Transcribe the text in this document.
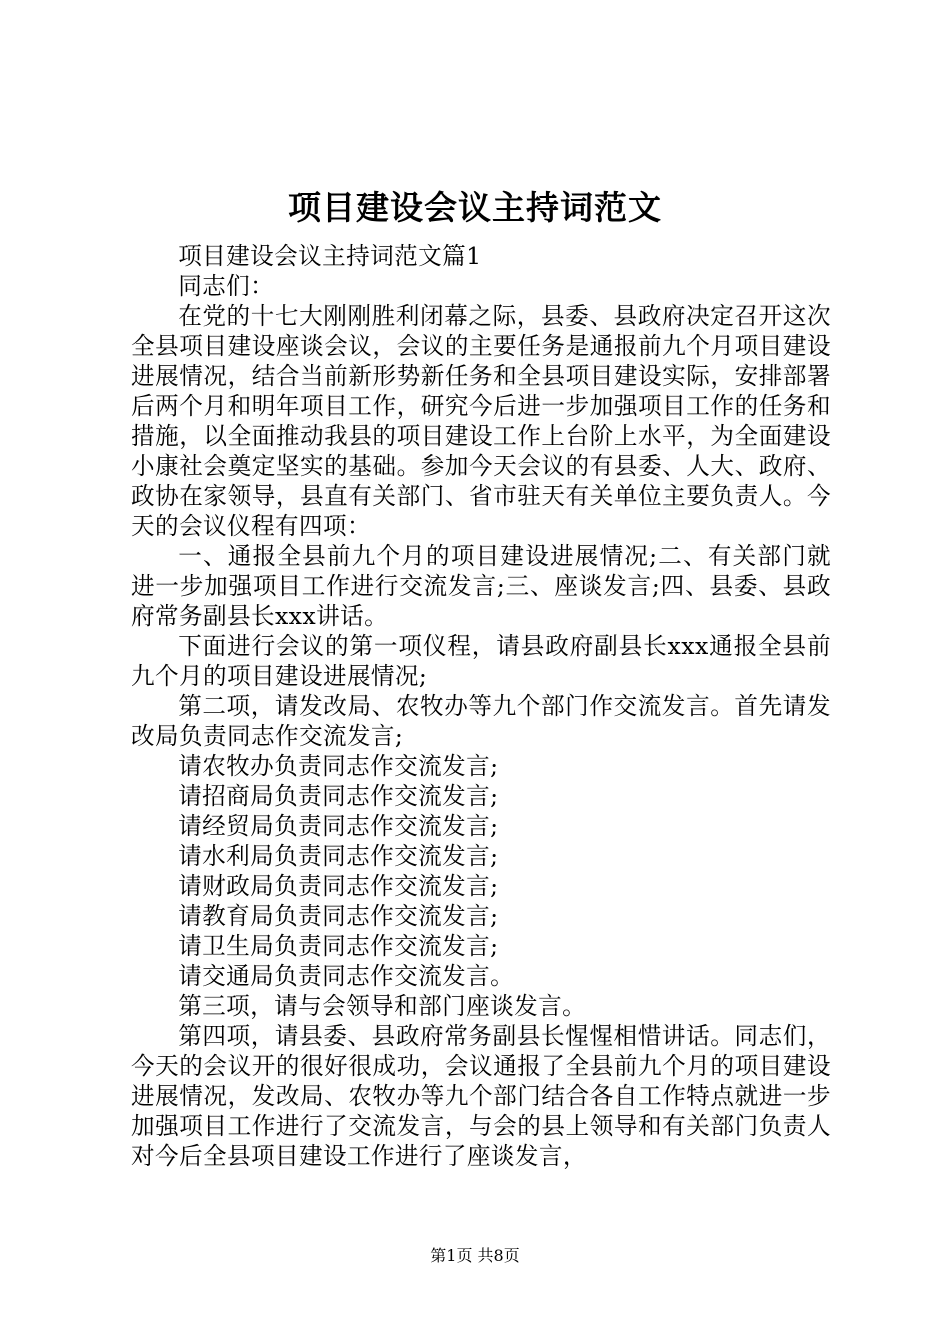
项目建设会议主持词范文

项目建设会议主持词范文篇1

同志们：

在党的十七大刚刚胜利闭幕之际，县委、县政府决定召开这次全县项目建设座谈会议，会议的主要任务是通报前九个月项目建设进展情况，结合当前新形势新任务和全县项目建设实际，安排部署后两个月和明年项目工作，研究今后进一步加强项目工作的任务和措施，以全面推动我县的项目建设工作上台阶上水平，为全面建设小康社会奠定坚实的基础。参加今天会议的有县委、人大、政府、政协在家领导，县直有关部门、省市驻天有关单位主要负责人。今天的会议仪程有四项：

一、通报全县前九个月的项目建设进展情况;二、有关部门就进一步加强项目工作进行交流发言;三、座谈发言;四、县委、县政府常务副县长xxx讲话。

下面进行会议的第一项仪程，请县政府副县长xxx通报全县前九个月的项目建设进展情况;

第二项，请发改局、农牧办等九个部门作交流发言。首先请发改局负责同志作交流发言;

请农牧办负责同志作交流发言;

请招商局负责同志作交流发言;

请经贸局负责同志作交流发言;

请水利局负责同志作交流发言;

请财政局负责同志作交流发言;

请教育局负责同志作交流发言;

请卫生局负责同志作交流发言;

请交通局负责同志作交流发言。

第三项，请与会领导和部门座谈发言。

第四项，请县委、县政府常务副县长惺惺相惜讲话。同志们，今天的会议开的很好很成功，会议通报了全县前九个月的项目建设进展情况，发改局、农牧办等九个部门结合各自工作特点就进一步加强项目工作进行了交流发言，与会的县上领导和有关部门负责人对今后全县项目建设工作进行了座谈发言，

第1页 共8页
